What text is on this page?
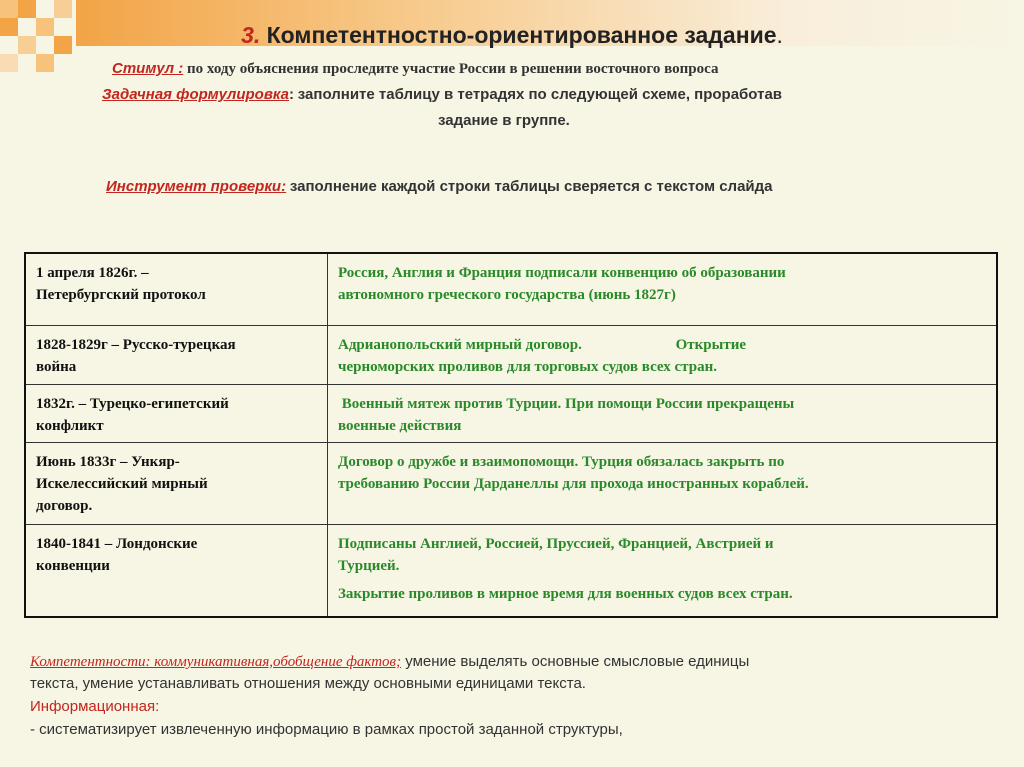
3. Компетентностно-ориентированное задание.
Стимул : по ходу объяснения проследите участие России в решении восточного вопроса
Задачная формулировка: заполните таблицу в тетрадях по следующей схеме, проработав
задание в группе.
Инструмент проверки: заполнение каждой строки таблицы сверяется с текстом слайда
1 апреля 1826г. –
Петербургский протокол
Россия, Англия и Франция подписали конвенцию об образовании
автономного греческого государства (июнь 1827г)
1828-1829г – Русско-турецкая
война
Адрианопольский мирный договор.                         Открытие
черноморских проливов для торговых судов всех стран.
1832г. – Турецко-египетский
конфликт
Военный мятеж против Турции. При помощи России прекращены
военные действия
Июнь 1833г – Ункяр-
Искелессийский мирный
договор.
Договор о дружбе и взаимопомощи. Турция обязалась закрыть по
требованию России Дарданеллы для прохода иностранных кораблей.
1840-1841 – Лондонские
конвенции
Подписаны Англией, Россией, Пруссией, Францией, Австрией и
Турцией.
Закрытие проливов в мирное время для военных судов всех стран.
Компетентности: коммуникативная,обобщение фактов; умение выделять основные смысловые единицы
текста, умение устанавливать отношения между основными единицами текста.
Информационная:
- систематизирует извлеченную информацию в рамках простой заданной структуры,
